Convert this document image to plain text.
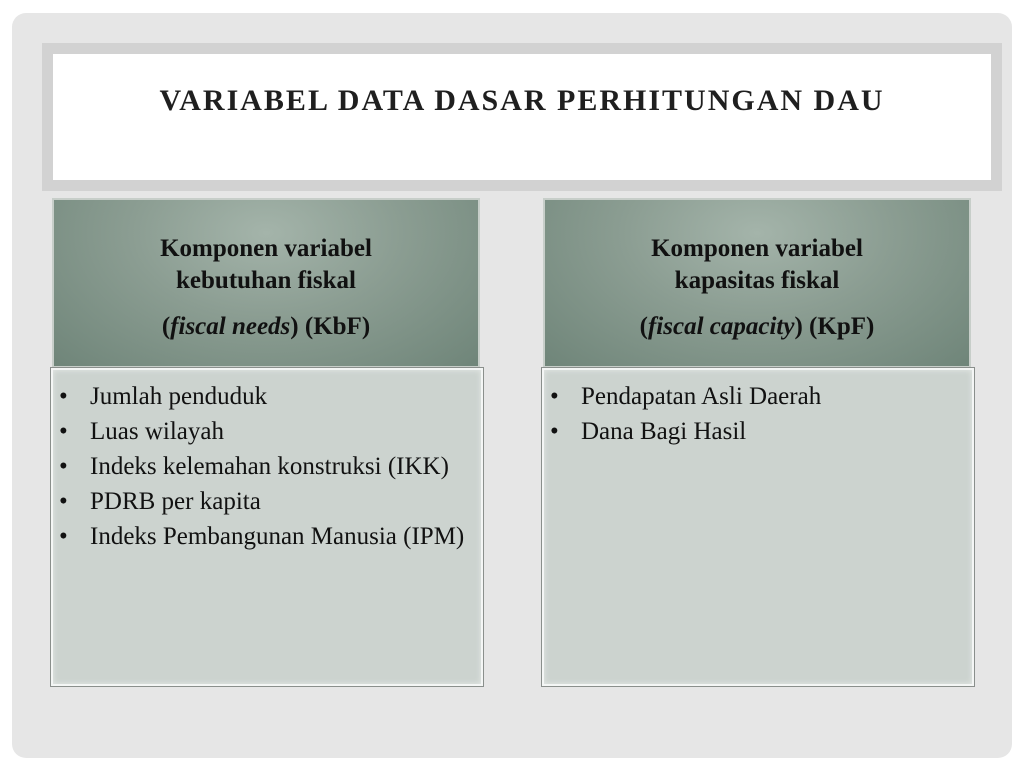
VARIABEL DATA DASAR PERHITUNGAN DAU
Komponen variabel
kebutuhan fiskal
(fiscal needs) (KbF)
Komponen variabel
kapasitas fiskal
(fiscal capacity) (KpF)
• Jumlah penduduk
• Luas wilayah
• Indeks kelemahan konstruksi (IKK)
• PDRB per kapita
• Indeks Pembangunan Manusia (IPM)
• Pendapatan Asli Daerah
• Dana Bagi Hasil
